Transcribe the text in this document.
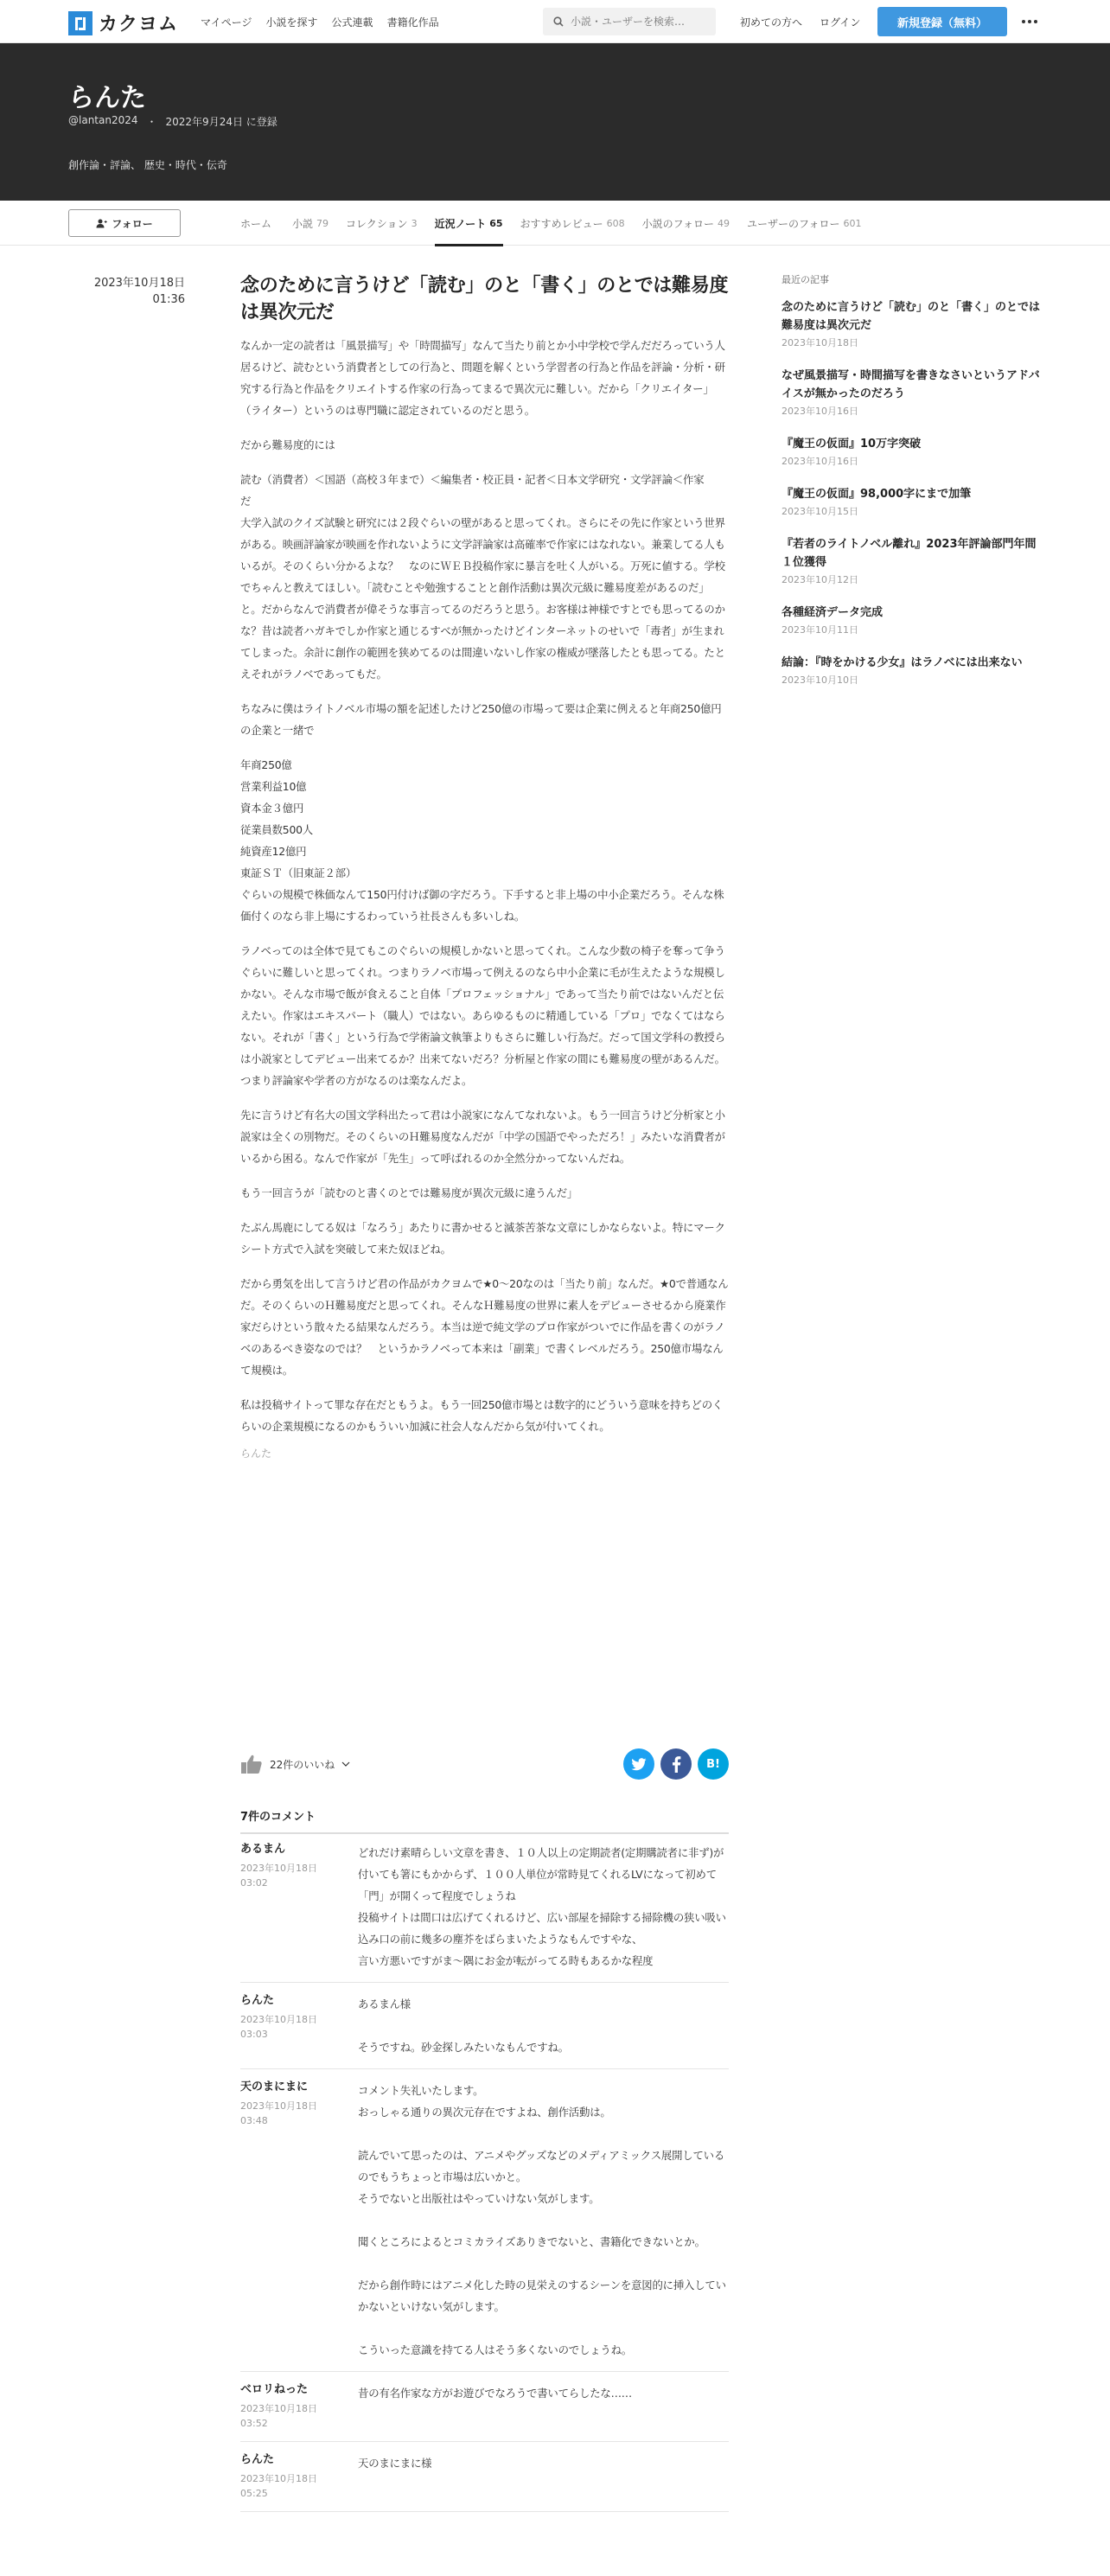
カクヨム マイページ 小説を探す 公式連載 書籍化作品
小説・ユーザーを検索…	初めての方へ ログイン	新規登録（無料）
らんた
@lantan2024 ・ 2022年9月24日 に登録
創作論・評論、 歴史・時代・伝奇
フォロー	ホーム 小説 79 コレクション 3 近況ノート 65 おすすめレビュー 608 小説のフォロー 49 ユーザーのフォロー 601
2023年10月18日
01:36
念のために言うけど「読む」のと「書く」のとでは難易度は異次元だ

なんか一定の読者は「風景描写」や「時間描写」なんて当たり前とか小中学校で学んだだろっていう人居るけど、読むという消費者としての行為と、問題を解くという学習者の行為と作品を評論・分析・研究する行為と作品をクリエイトする作家の行為ってまるで異次元に難しい。だから「クリエイター」（ライター）というのは専門職に認定されているのだと思う。

だから難易度的には

読む（消費者）＜国語（高校３年まで）＜編集者・校正員・記者＜日本文学研究・文学評論＜作家
だ
大学入試のクイズ試験と研究には２段ぐらいの壁があると思ってくれ。さらにその先に作家という世界がある。映画評論家が映画を作れないように文学評論家は高確率で作家にはなれない。兼業してる人もいるが。そのくらい分かるよな？　なのにＷＥＢ投稿作家に暴言を吐く人がいる。万死に値する。学校でちゃんと教えてほしい。「読むことや勉強することと創作活動は異次元級に難易度差があるのだ」と。だからなんで消費者が偉そうな事言ってるのだろうと思う。お客様は神様ですとでも思ってるのかな？昔は読者ハガキでしか作家と通じるすべが無かったけどインターネットのせいで「毒者」が生まれてしまった。余計に創作の範囲を狭めてるのは間違いないし作家の権威が墜落したとも思ってる。たとえそれがラノベであってもだ。

ちなみに僕はライトノベル市場の額を記述したけど250億の市場って要は企業に例えると年商250億円の企業と一緒で

年商250億
営業利益10億
資本金３億円
従業員数500人
純資産12億円
東証ＳＴ（旧東証２部）
ぐらいの規模で株価なんて150円付けば御の字だろう。下手すると非上場の中小企業だろう。そんな株価付くのなら非上場にするわっていう社長さんも多いしね。

ラノベってのは全体で見てもこのぐらいの規模しかないと思ってくれ。こんな少数の椅子を奪って争うぐらいに難しいと思ってくれ。つまりラノベ市場って例えるのなら中小企業に毛が生えたような規模しかない。そんな市場で飯が食えること自体「プロフェッショナル」であって当たり前ではないんだと伝えたい。作家はエキスパート（職人）ではない。あらゆるものに精通している「プロ」でなくてはならない。それが「書く」という行為で学術論文執筆よりもさらに難しい行為だ。だって国文学科の教授らは小説家としてデビュー出来てるか？出来てないだろ？分析屋と作家の間にも難易度の壁があるんだ。つまり評論家や学者の方がなるのは楽なんだよ。

先に言うけど有名大の国文学科出たって君は小説家になんてなれないよ。もう一回言うけど分析家と小説家は全くの別物だ。そのくらいのＨ難易度なんだが「中学の国語でやっただろ！」みたいな消費者がいるから困る。なんで作家が「先生」って呼ばれるのか全然分かってないんだね。

もう一回言うが「読むのと書くのとでは難易度が異次元級に違うんだ」

たぶん馬鹿にしてる奴は「なろう」あたりに書かせると滅茶苦茶な文章にしかならないよ。特にマークシート方式で入試を突破して来た奴ほどね。

だから勇気を出して言うけど君の作品がカクヨムで★0～20なのは「当たり前」なんだ。★0で普通なんだ。そのくらいのＨ難易度だと思ってくれ。そんなＨ難易度の世界に素人をデビューさせるから廃業作家だらけという散々たる結果なんだろう。本当は逆で純文学のプロ作家がついでに作品を書くのがラノベのあるべき姿なのでは？　というかラノベって本来は「副業」で書くレベルだろう。250億市場なんて規模は。

私は投稿サイトって罪な存在だともうよ。もう一回250億市場とは数字的にどういう意味を持ちどのくらいの企業規模になるのかもういい加減に社会人なんだから気が付いてくれ。

らんた
22件のいいね	B!
7件のコメント
あるまん
2023年10月18日
03:02
どれだけ素晴らしい文章を書き、１０人以上の定期読者(定期購読者に非ず)が付いても箸にもかからず、１００人単位が常時見てくれるLVになって初めて「門」が開くって程度でしょうね
投稿サイトは間口は広げてくれるけど、広い部屋を掃除する掃除機の狭い吸い込み口の前に幾多の塵芥をばらまいたようなもんですやな、
言い方悪いですがま～隅にお金が転がってる時もあるかな程度
らんた
2023年10月18日
03:03
あるまん様

そうですね。砂金探しみたいなもんですね。
天のまにまに
2023年10月18日
03:48
コメント失礼いたします。
おっしゃる通りの異次元存在ですよね、創作活動は。

読んでいて思ったのは、アニメやグッズなどのメディアミックス展開しているのでもうちょっと市場は広いかと。
そうでないと出版社はやっていけない気がします。

聞くところによるとコミカライズありきでないと、書籍化できないとか。

だから創作時にはアニメ化した時の見栄えのするシーンを意図的に挿入していかないといけない気がします。

こういった意識を持てる人はそう多くないのでしょうね。
ベロリねった
2023年10月18日
03:52
昔の有名作家な方がお遊びでなろうで書いてらしたな……
らんた
2023年10月18日
05:25
天のまにまに様
最近の記事
念のために言うけど「読む」のと「書く」のとでは難易度は異次元だ
2023年10月18日
なぜ風景描写・時間描写を書きなさいというアドバイスが無かったのだろう
2023年10月16日
『魔王の仮面』10万字突破
2023年10月16日
『魔王の仮面』98,000字にまで加筆
2023年10月15日
『若者のライトノベル離れ』2023年評論部門年間１位獲得
2023年10月12日
各種経済データ完成
2023年10月11日
結論：『時をかける少女』はラノベには出来ない
2023年10月10日
